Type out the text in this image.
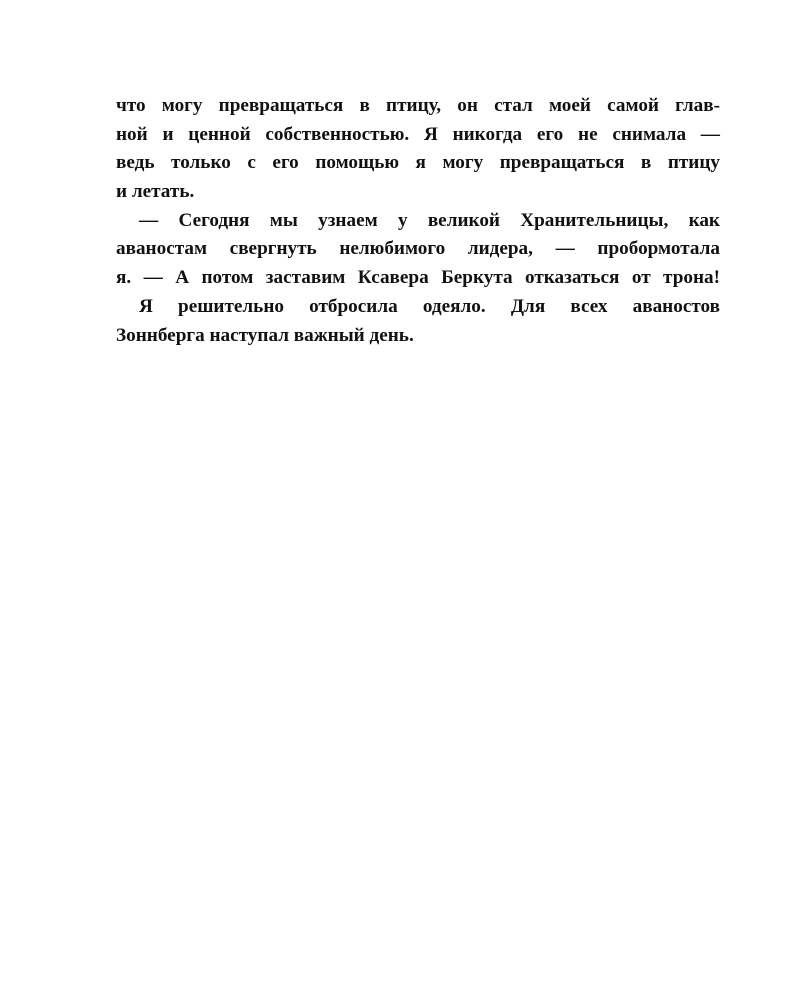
что могу превращаться в птицу, он стал моей самой глав-
ной и ценной собственностью. Я никогда его не снимала —
ведь только с его помощью я могу превращаться в птицу
и летать.
— Сегодня мы узнаем у великой Хранительницы, как
аваностам свергнуть нелюбимого лидера, — пробормотала
я. — А потом заставим Ксавера Беркута отказаться от трона!
Я решительно отбросила одеяло. Для всех аваностов
Зоннберга наступал важный день.
